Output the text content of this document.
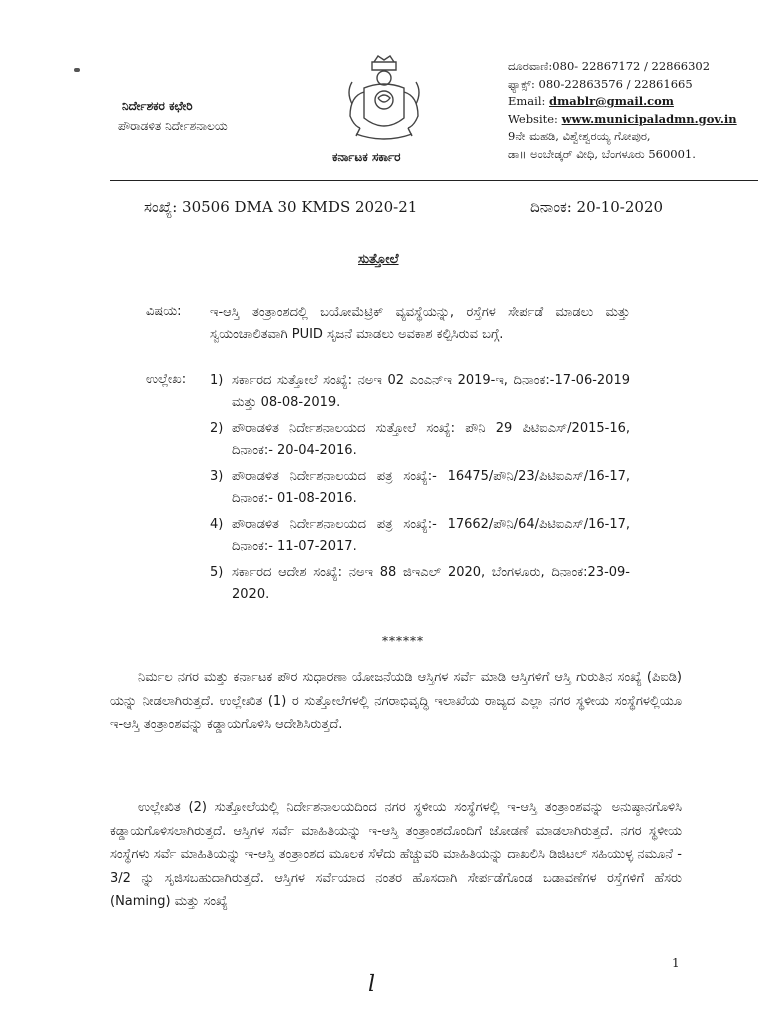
ನಿರ್ದೇಶಕರ ಕಛೇರಿ
ಪೌರಾಡಳಿತ ನಿರ್ದೇಶನಾಲಯ
ಕರ್ನಾಟಕ ಸರ್ಕಾರ
ದೂರವಾಣಿ:080- 22867172 / 22866302
ಫ್ಯಾಕ್ಸ್: 080-22863576 / 22861665
Email: dmablr@gmail.com
Website: www.municipaladmn.gov.in
9ನೇ ಮಹಡಿ, ವಿಶ್ವೇಶ್ವರಯ್ಯ ಗೋಪುರ,
ಡಾ॥ ಅಂಬೇಡ್ಕರ್ ವೀಧಿ, ಬೆಂಗಳೂರು 560001.
ಸಂಖ್ಯೆ: 30506 DMA 30 KMDS 2020-21	ದಿನಾಂಕ: 20-10-2020
ಸುತ್ತೋಲೆ
ವಿಷಯ: ಇ-ಆಸ್ತಿ ತಂತ್ರಾಂಶದಲ್ಲಿ ಬಯೋಮೆಟ್ರಿಕ್ ವ್ಯವಸ್ಥೆಯನ್ನು, ರಸ್ತೆಗಳ ಸೇರ್ಪಡೆ ಮಾಡಲು ಮತ್ತು ಸ್ವಯಂಚಾಲಿತವಾಗಿ PUID ಸೃಜನೆ ಮಾಡಲು ಅವಕಾಶ ಕಲ್ಪಿಸಿರುವ ಬಗ್ಗೆ.
ಉಲ್ಲೇಖ: 1) ಸರ್ಕಾರದ ಸುತ್ತೋಲೆ ಸಂಖ್ಯೆ: ನಅಇ 02 ಎಂಎನ್‌ಇ 2019-ಇ, ದಿನಾಂಕ:-17-06-2019 ಮತ್ತು 08-08-2019.
2) ಪೌರಾಡಳಿತ ನಿರ್ದೇಶನಾಲಯದ ಸುತ್ತೋಲೆ ಸಂಖ್ಯೆ: ಪೌನಿ 29 ಪಿಟಿಐಎಸ್/2015-16, ದಿನಾಂಕ:- 20-04-2016.
3) ಪೌರಾಡಳಿತ ನಿರ್ದೇಶನಾಲಯದ ಪತ್ರ ಸಂಖ್ಯೆ:- 16475/ಪೌನಿ/23/ಪಿಟಿಐಎಸ್/16-17, ದಿನಾಂಕ:- 01-08-2016.
4) ಪೌರಾಡಳಿತ ನಿರ್ದೇಶನಾಲಯದ ಪತ್ರ ಸಂಖ್ಯೆ:- 17662/ಪೌನಿ/64/ಪಿಟಿಐಎಸ್/16-17, ದಿನಾಂಕ:- 11-07-2017.
5) ಸರ್ಕಾರದ ಆದೇಶ ಸಂಖ್ಯೆ: ನಅಇ 88 ಜಿಇಎಲ್ 2020, ಬೆಂಗಳೂರು, ದಿನಾಂಕ:23-09-2020.
******
ನಿರ್ಮಲ ನಗರ ಮತ್ತು ಕರ್ನಾಟಕ ಪೌರ ಸುಧಾರಣಾ ಯೋಜನೆಯಡಿ ಆಸ್ತಿಗಳ ಸರ್ವೆ ಮಾಡಿ ಆಸ್ತಿಗಳಿಗೆ ಆಸ್ತಿ ಗುರುತಿನ ಸಂಖ್ಯೆ (ಪಿಐಡಿ) ಯನ್ನು ನೀಡಲಾಗಿರುತ್ತದೆ. ಉಲ್ಲೇಖಿತ (1) ರ ಸುತ್ತೋಲೆಗಳಲ್ಲಿ ನಗರಾಭಿವೃದ್ಧಿ ಇಲಾಖೆಯ ರಾಜ್ಯದ ಎಲ್ಲಾ ನಗರ ಸ್ಥಳೀಯ ಸಂಸ್ಥೆಗಳಲ್ಲಿಯೂ ಇ-ಆಸ್ತಿ ತಂತ್ರಾಂಶವನ್ನು ಕಡ್ಡಾಯಗೊಳಿಸಿ ಆದೇಶಿಸಿರುತ್ತದೆ.
ಉಲ್ಲೇಖಿತ (2) ಸುತ್ತೋಲೆಯಲ್ಲಿ ನಿರ್ದೇಶನಾಲಯದಿಂದ ನಗರ ಸ್ಥಳೀಯ ಸಂಸ್ಥೆಗಳಲ್ಲಿ ಇ-ಆಸ್ತಿ ತಂತ್ರಾಂಶವನ್ನು ಅನುಷ್ಠಾನಗೊಳಿಸಿ ಕಡ್ಡಾಯಗೊಳಿಸಲಾಗಿರುತ್ತದೆ. ಆಸ್ತಿಗಳ ಸರ್ವೆ ಮಾಹಿತಿಯನ್ನು ಇ-ಆಸ್ತಿ ತಂತ್ರಾಂಶದೊಂದಿಗೆ ಜೋಡಣೆ ಮಾಡಲಾಗಿರುತ್ತದೆ. ನಗರ ಸ್ಥಳೀಯ ಸಂಸ್ಥೆಗಳು ಸರ್ವೆ ಮಾಹಿತಿಯನ್ನು ಇ-ಆಸ್ತಿ ತಂತ್ರಾಂಶದ ಮೂಲಕ ಸೆಳೆದು ಹೆಚ್ಚುವರಿ ಮಾಹಿತಿಯನ್ನು ದಾಖಲಿಸಿ ಡಿಜಿಟಲ್ ಸಹಿಯುಳ್ಳ ನಮೂನೆ - 3/2 ನ್ನು ಸೃಜಿಸಬಹುದಾಗಿರುತ್ತದೆ. ಆಸ್ತಿಗಳ ಸರ್ವೆಯಾದ ನಂತರ ಹೊಸದಾಗಿ ಸೇರ್ಪಡೆಗೊಂಡ ಬಡಾವಣೆಗಳ ರಸ್ತೆಗಳಿಗೆ ಹೆಸರು (Naming) ಮತ್ತು ಸಂಖ್ಯೆ
l
1
